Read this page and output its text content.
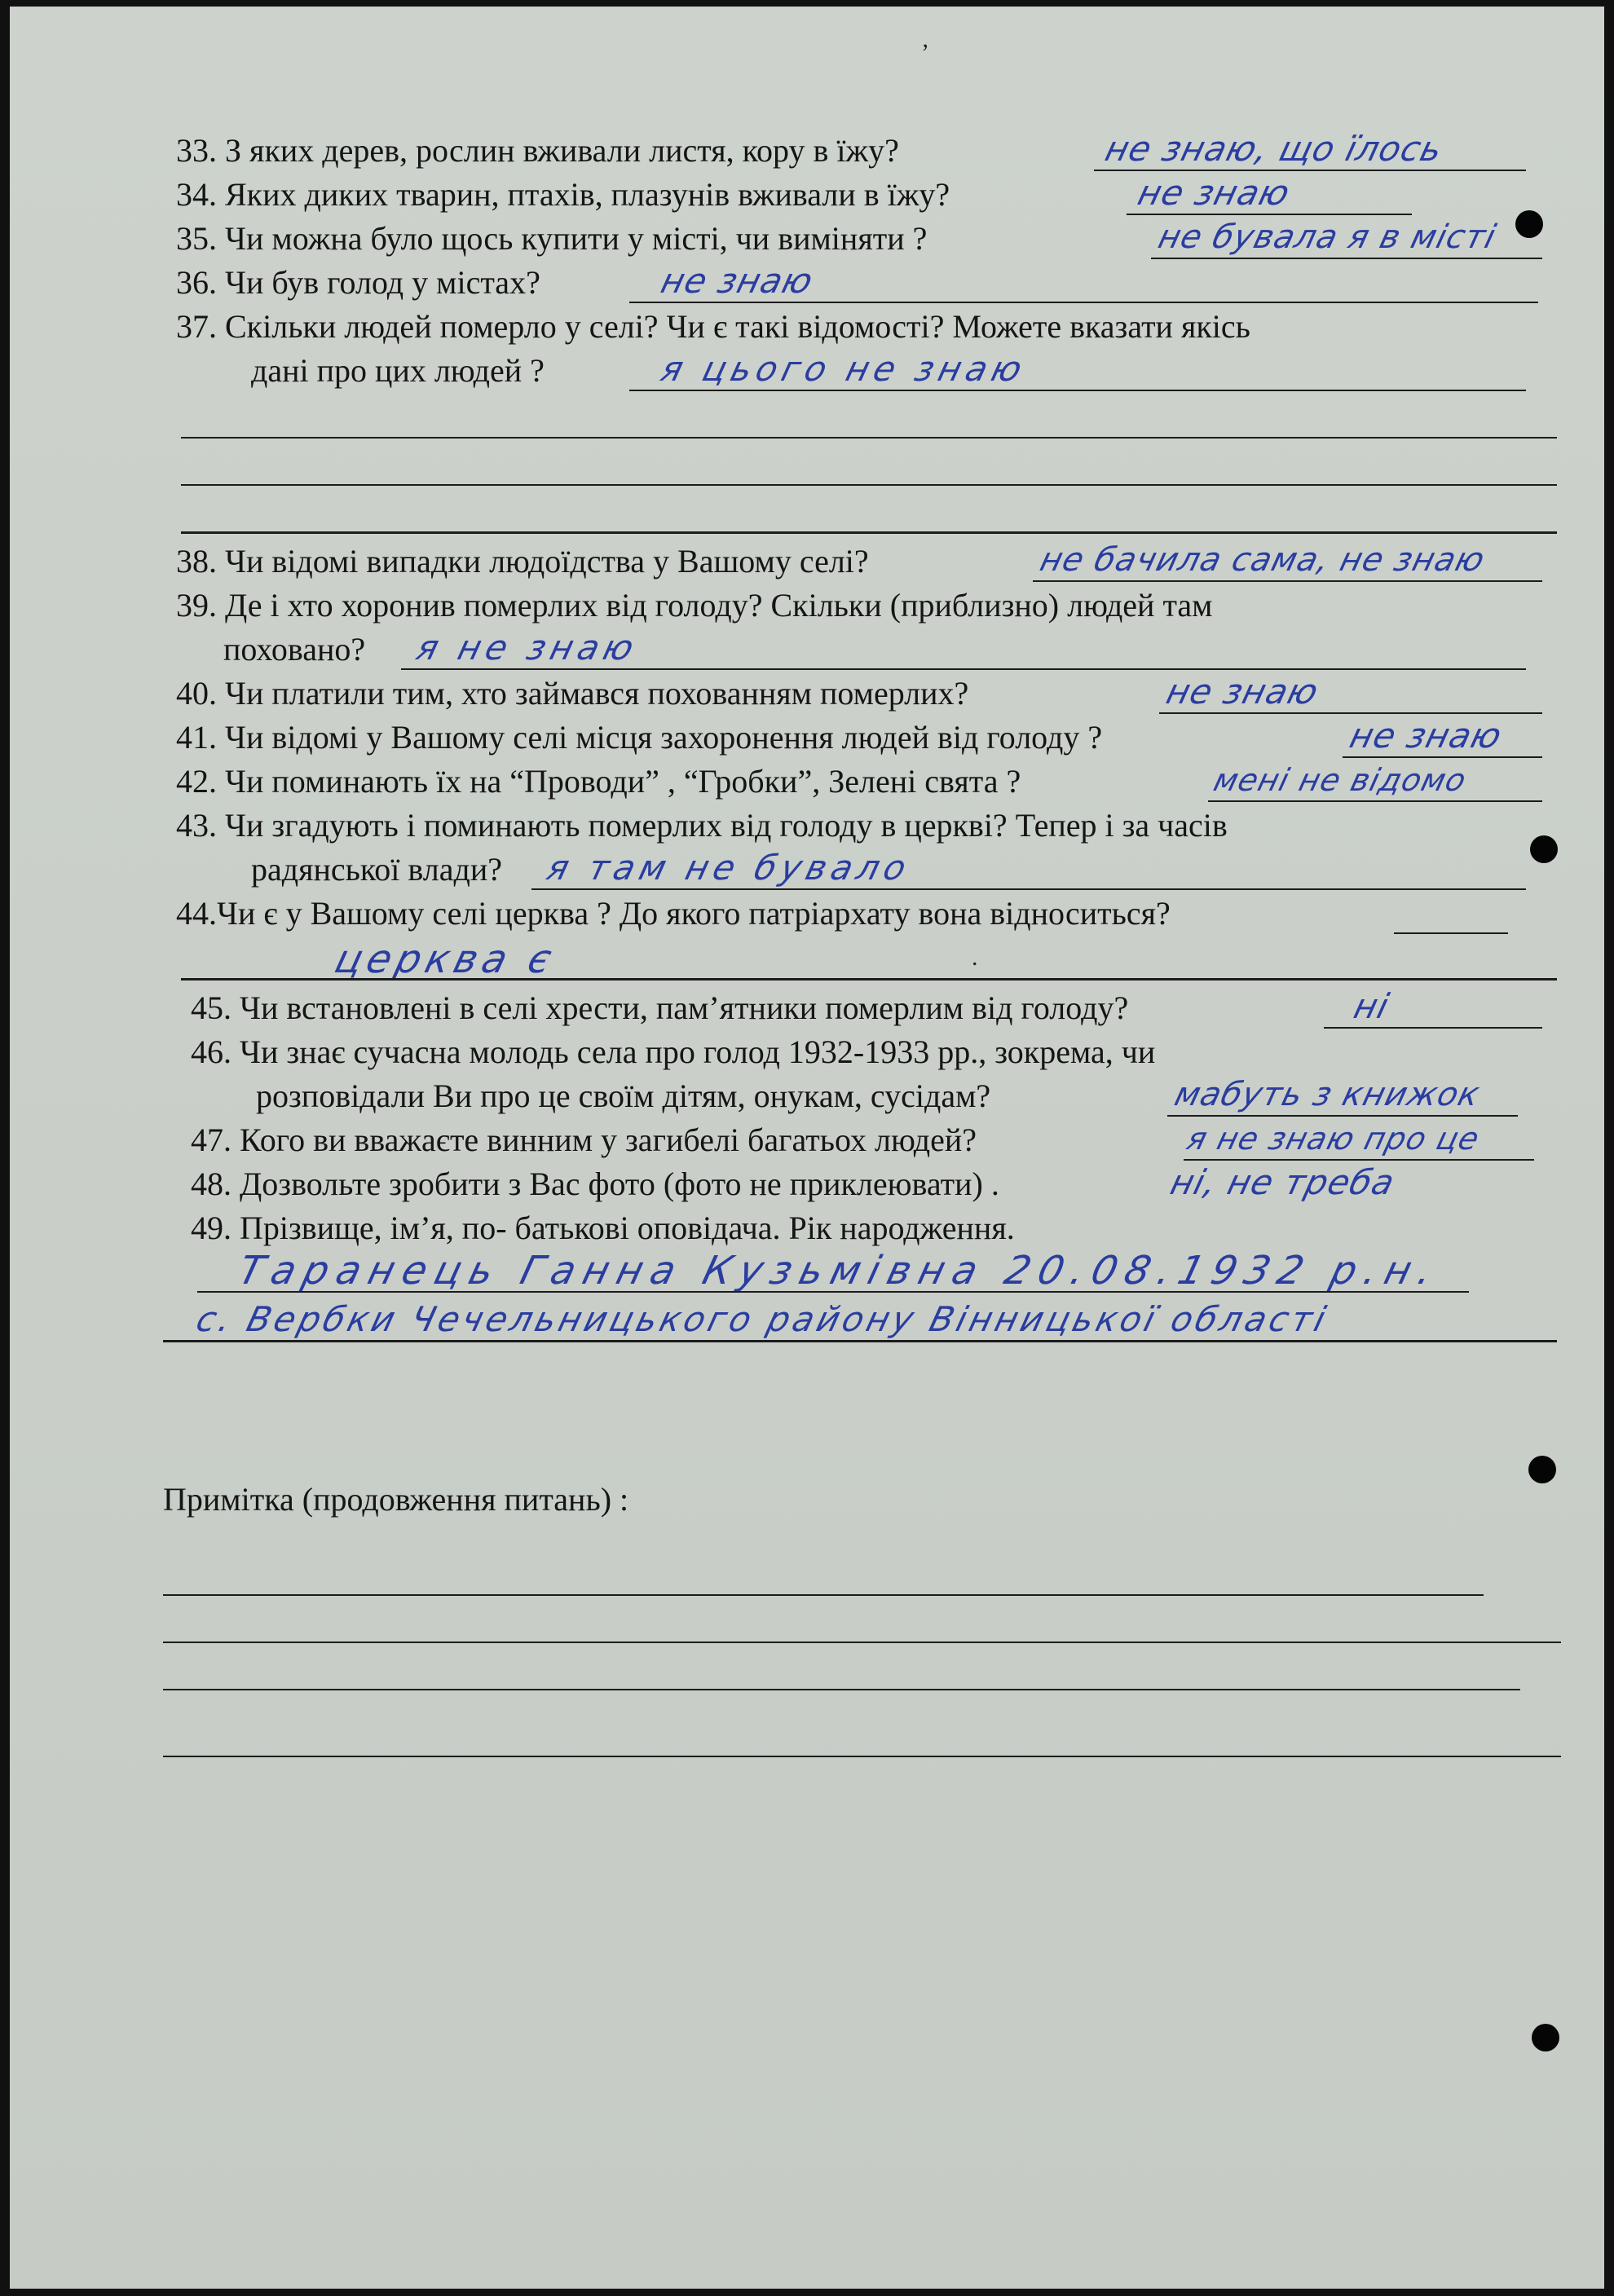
33. З яких дерев, рослин вживали листя, кору в їжу?	не знаю, що їлось
34. Яких диких тварин, птахів, плазунів вживали в їжу?	не знаю
35. Чи можна було щось купити у місті, чи виміняти ?	не бувала я в місті
36. Чи був голод у містах?	не знаю
37. Скільки людей померло у селі? Чи є такі відомості? Можете вказати якісь
дані про цих людей ?	я цього не знаю
38. Чи відомі випадки людоїдства у Вашому селі?	не бачила сама, не знаю
39. Де і хто хоронив померлих від голоду? Скільки (приблизно) людей там
поховано? я не знаю
40. Чи платили тим, хто займався похованням померлих?	не знаю
41. Чи відомі у Вашому селі місця захоронення людей від голоду ?	не знаю
42. Чи поминають їх на “Проводи” , “Гробки”, Зелені свята ?	мені не відомо
43. Чи згадують і поминають померлих від голоду в церкві? Тепер і за часів
радянської влади? я там не бувало
44.Чи є у Вашому селі церква ? До якого патріархату вона відноситься?
церква є
45. Чи встановлені в селі хрести, пам’ятники померлим від голоду?	ні
46. Чи знає сучасна молодь села про голод 1932-1933 рр., зокрема, чи
розповідали Ви про це своїм дітям, онукам, сусідам?	мабуть з книжок
47. Кого ви вважаєте винним у загибелі багатьох людей?	я не знаю про це
48. Дозвольте зробити з Вас фото (фото не приклеювати) .	ні, не треба
49. Прізвище, ім’я, по- батькові оповідача. Рік народження.
Таранець Ганна Кузьмівна 20.08.1932 р.н.
с. Вербки Чечельницького району Вінницької області
Примітка (продовження питань) :
’
.
